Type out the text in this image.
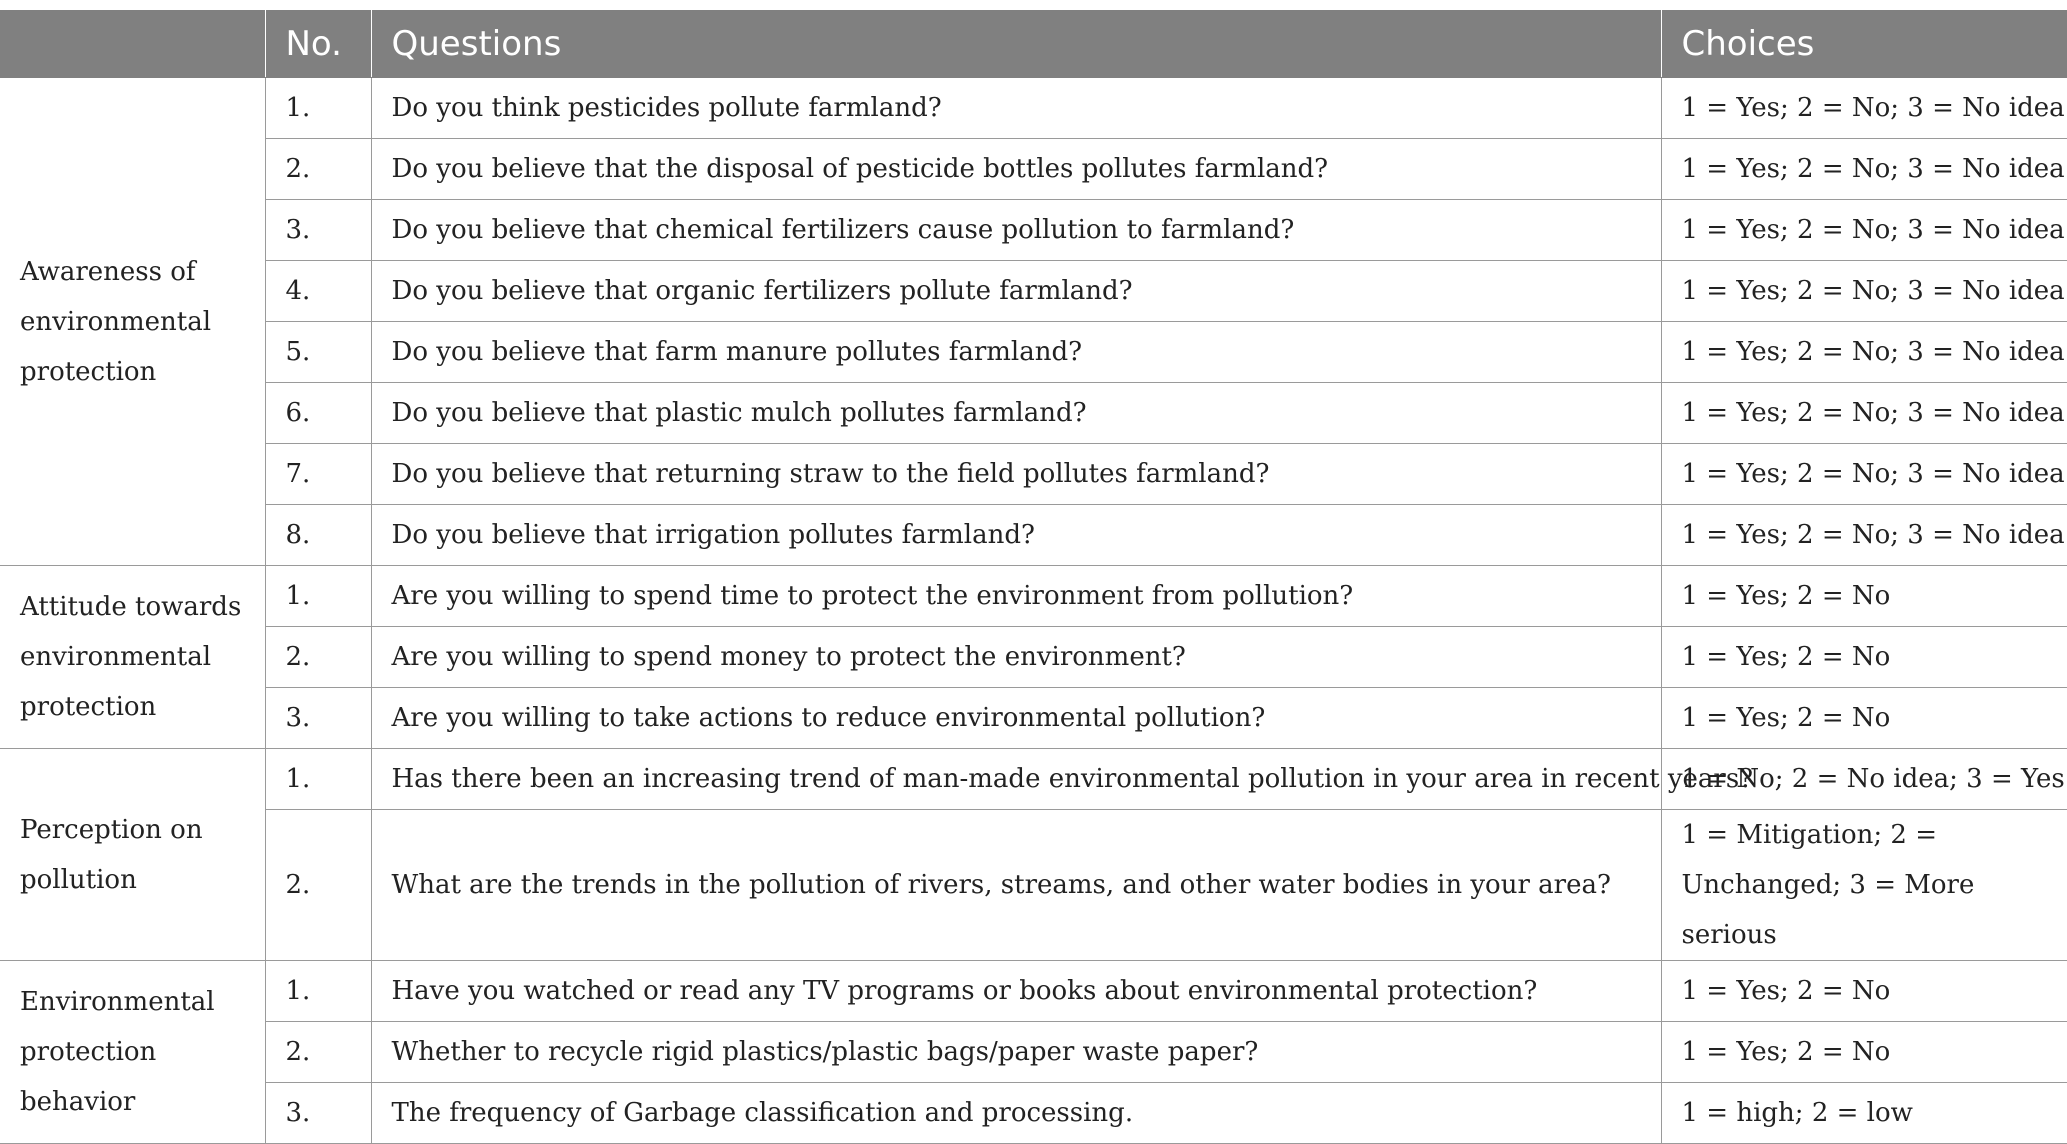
	No.	Questions	Choices
Awareness of environmental protection	1.	Do you think pesticides pollute farmland?	1 = Yes; 2 = No; 3 = No idea
	2.	Do you believe that the disposal of pesticide bottles pollutes farmland?	1 = Yes; 2 = No; 3 = No idea
	3.	Do you believe that chemical fertilizers cause pollution to farmland?	1 = Yes; 2 = No; 3 = No idea
	4.	Do you believe that organic fertilizers pollute farmland?	1 = Yes; 2 = No; 3 = No idea
	5.	Do you believe that farm manure pollutes farmland?	1 = Yes; 2 = No; 3 = No idea
	6.	Do you believe that plastic mulch pollutes farmland?	1 = Yes; 2 = No; 3 = No idea
	7.	Do you believe that returning straw to the field pollutes farmland?	1 = Yes; 2 = No; 3 = No idea
	8.	Do you believe that irrigation pollutes farmland?	1 = Yes; 2 = No; 3 = No idea
Attitude towards environmental protection	1.	Are you willing to spend time to protect the environment from pollution?	1 = Yes; 2 = No
	2.	Are you willing to spend money to protect the environment?	1 = Yes; 2 = No
	3.	Are you willing to take actions to reduce environmental pollution?	1 = Yes; 2 = No
Perception on pollution	1.	Has there been an increasing trend of man-made environmental pollution in your area in recent years?	1 = No; 2 = No idea; 3 = Yes
	2.	What are the trends in the pollution of rivers, streams, and other water bodies in your area?	1 = Mitigation; 2 = Unchanged; 3 = More serious
Environmental protection behavior	1.	Have you watched or read any TV programs or books about environmental protection?	1 = Yes; 2 = No
	2.	Whether to recycle rigid plastics/plastic bags/paper waste paper?	1 = Yes; 2 = No
	3.	The frequency of Garbage classification and processing.	1 = high; 2 = low
